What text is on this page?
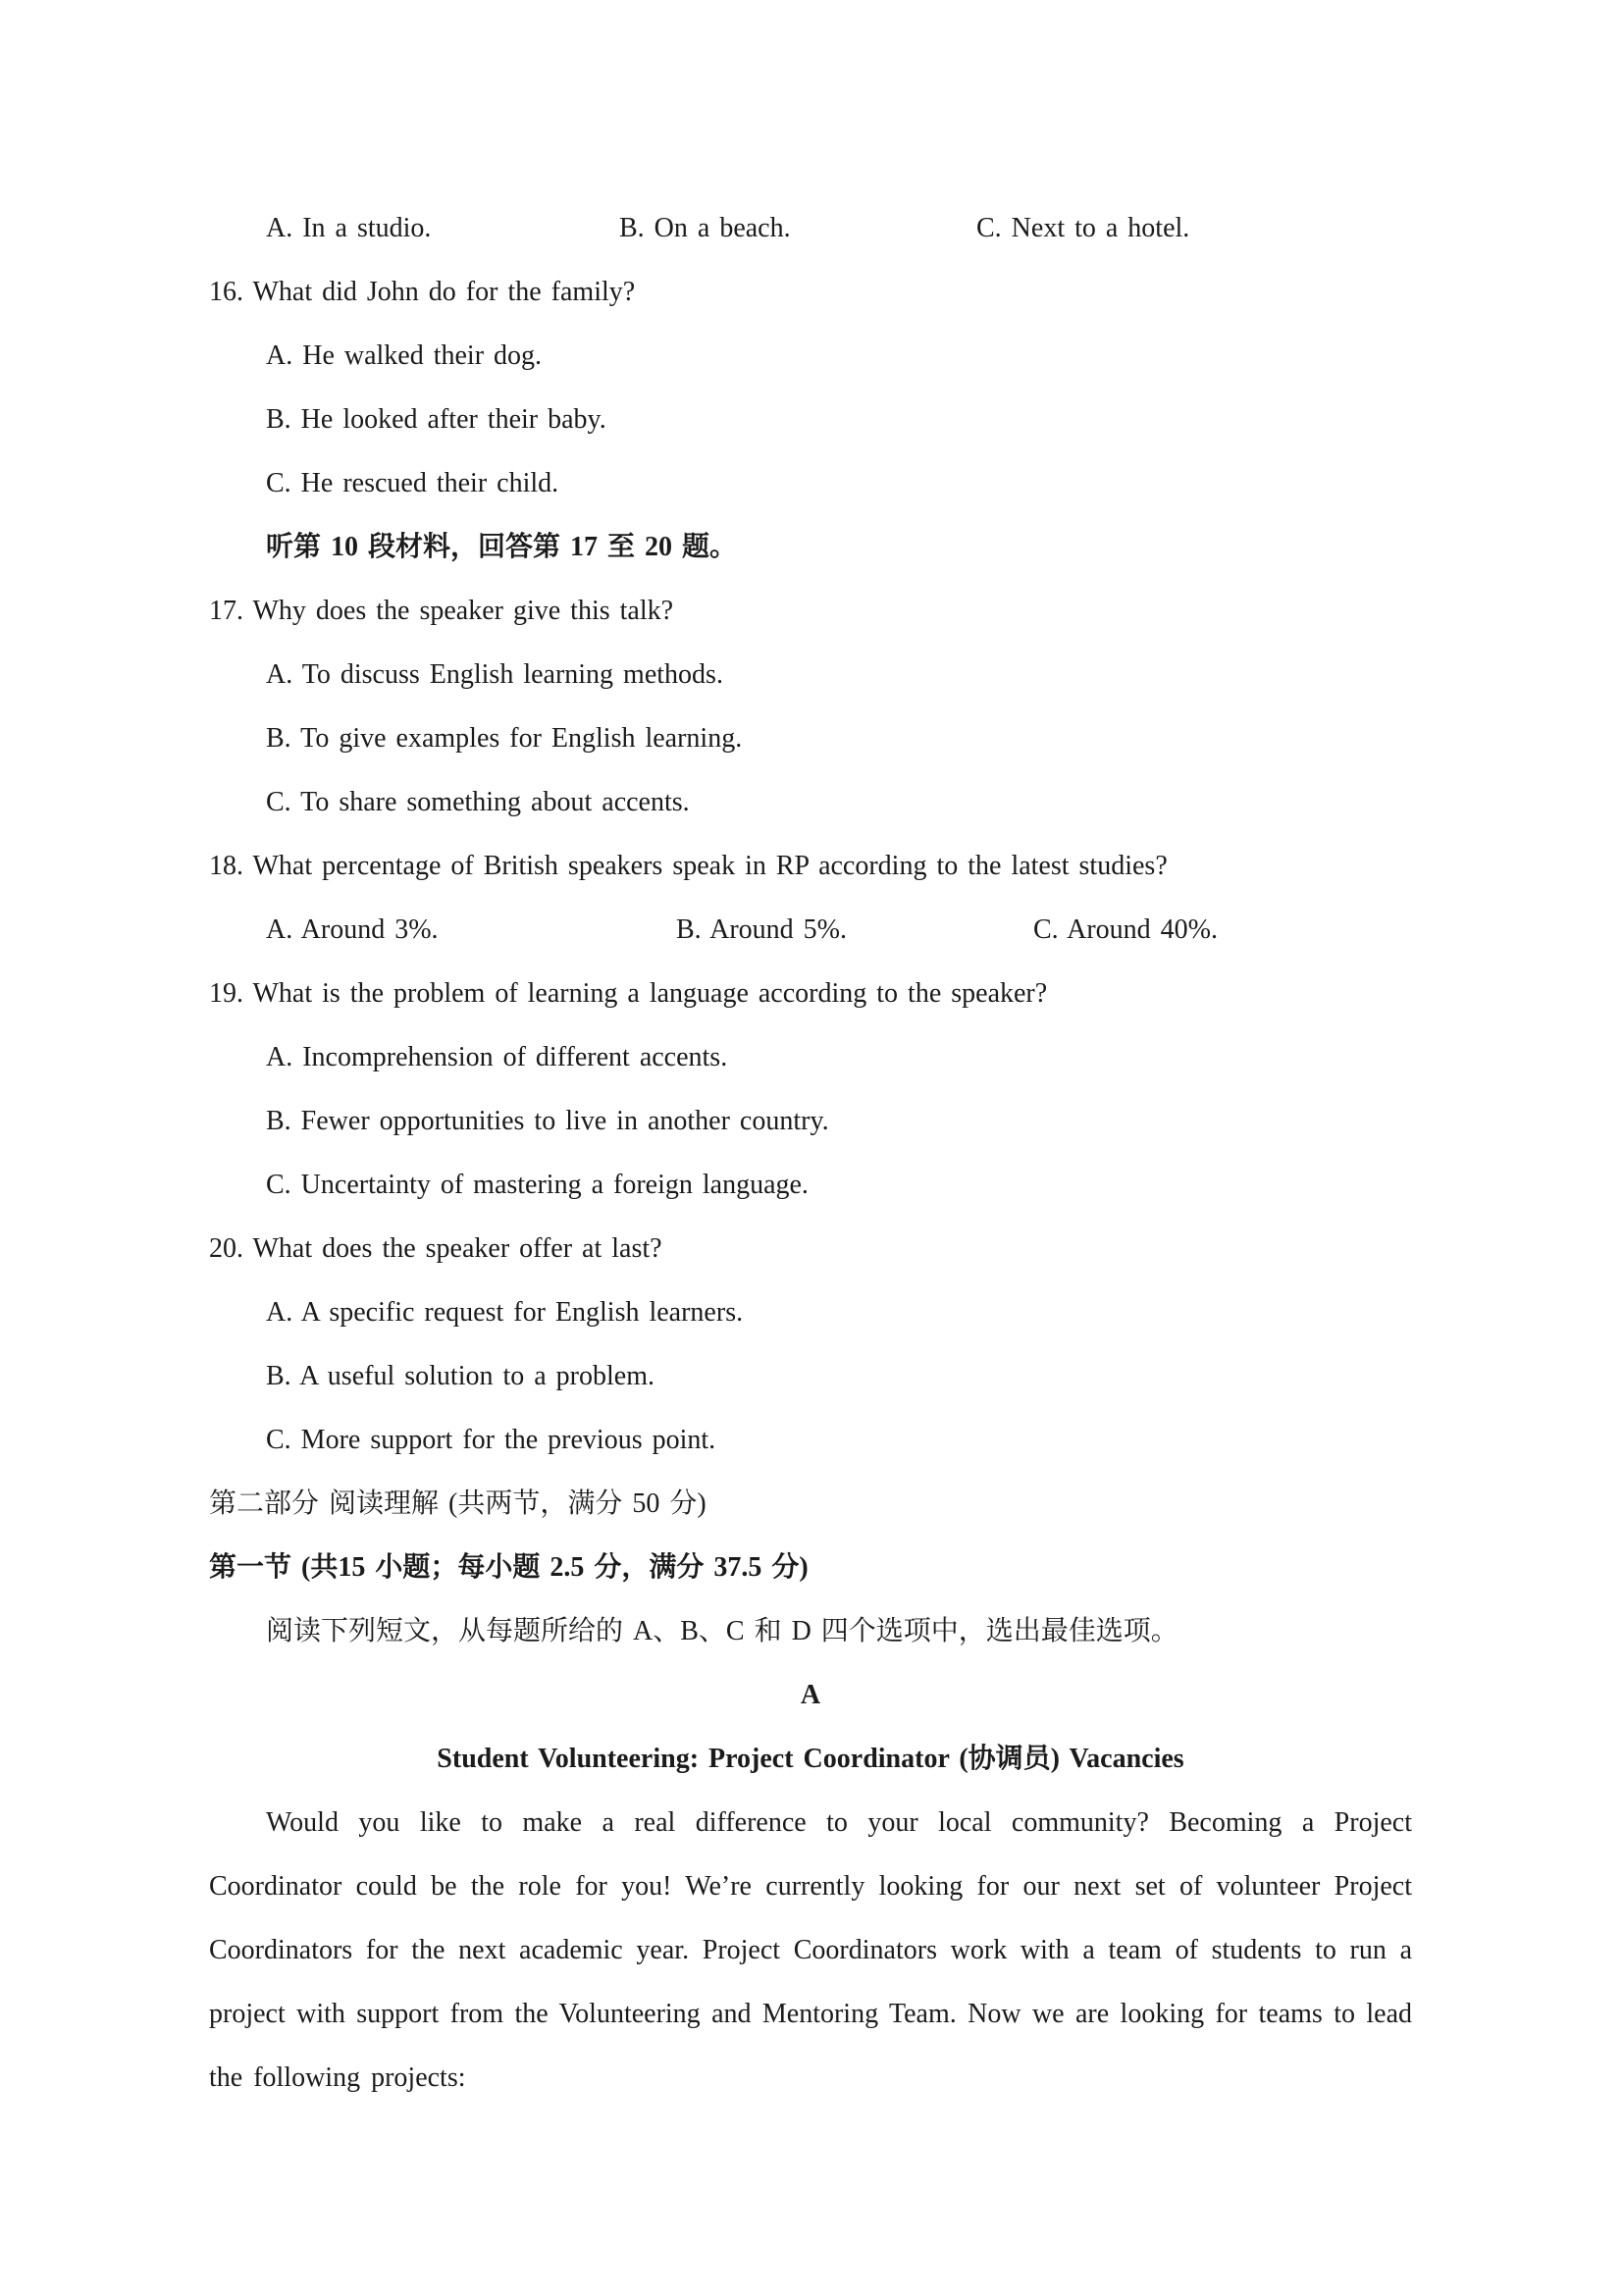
A. In a studio.	B. On a beach.	C. Next to a hotel.
16. What did John do for the family?
A. He walked their dog.
B. He looked after their baby.
C. He rescued their child.
听第 10 段材料，回答第 17 至 20 题。
17. Why does the speaker give this talk?
A. To discuss English learning methods.
B. To give examples for English learning.
C. To share something about accents.
18. What percentage of British speakers speak in RP according to the latest studies?
A. Around 3%.	B. Around 5%.	C. Around 40%.
19. What is the problem of learning a language according to the speaker?
A. Incomprehension of different accents.
B. Fewer opportunities to live in another country.
C. Uncertainty of mastering a foreign language.
20. What does the speaker offer at last?
A. A specific request for English learners.
B. A useful solution to a problem.
C. More support for the previous point.
第二部分 阅读理解 (共两节，满分 50 分)
第一节 (共15 小题；每小题 2.5 分，满分 37.5 分)
阅读下列短文，从每题所给的 A、B、C 和 D 四个选项中，选出最佳选项。
A
Student Volunteering: Project Coordinator (协调员) Vacancies
Would you like to make a real difference to your local community? Becoming a Project Coordinator could be the role for you! We’re currently looking for our next set of volunteer Project Coordinators for the next academic year. Project Coordinators work with a team of students to run a project with support from the Volunteering and Mentoring Team. Now we are looking for teams to lead the following projects:
